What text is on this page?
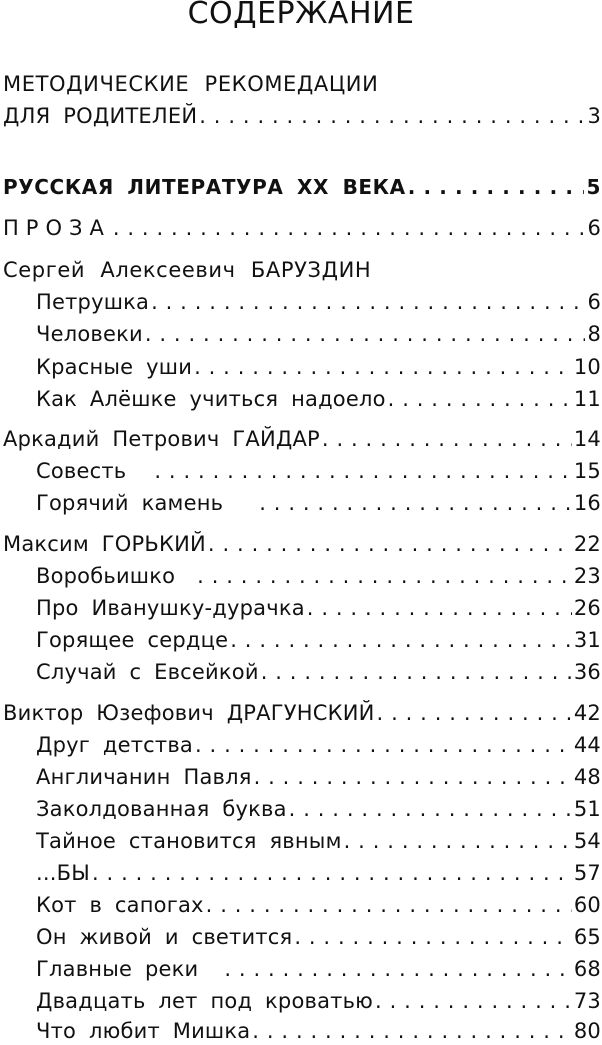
СОДЕРЖАНИЕ
МЕТОДИЧЕСКИЕ РЕКОМЕДАЦИИ
ДЛЯ РОДИТЕЛЕЙ . . .	3
РУССКАЯ ЛИТЕРАТУРА XX ВЕКА . . .	5
ПРОЗА . . .	6
Сергей Алексеевич БАРУЗДИН
Петрушка . . .	6
Человеки . . .	8
Красные уши . . .	10
Как Алёшке учиться надоело . . .	11
Аркадий Петрович ГАЙДАР . . .	14
Совесть . . .	15
Горячий камень . . .	16
Максим ГОРЬКИЙ . . .	22
Воробьишко . . .	23
Про Иванушку-дурачка . . .	26
Горящее сердце . . .	31
Случай с Евсейкой . . .	36
Виктор Юзефович ДРАГУНСКИЙ . . .	42
Друг детства . . .	44
Англичанин Павля . . .	48
Заколдованная буква . . .	51
Тайное становится явным . . .	54
...БЫ . . .	57
Кот в сапогах . . .	60
Он живой и светится . . .	65
Главные реки . . .	68
Двадцать лет под кроватью . . .	73
Что любит Мишка . . .	80
